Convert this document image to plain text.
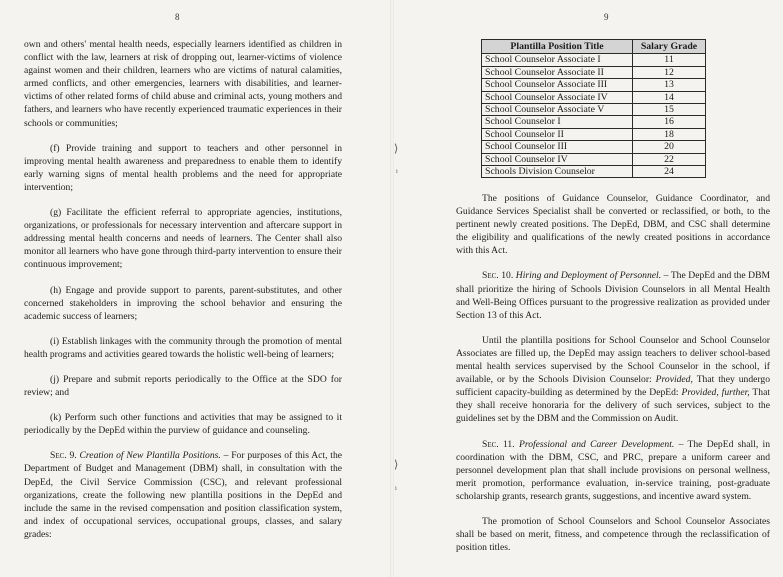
8

own and others' mental health needs, especially learners identified as children in conflict with the law, learners at risk of dropping out, learner-victims of violence against women and their children, learners who are victims of natural calamities, armed conflicts, and other emergencies, learners with disabilities, and learner-victims of other related forms of child abuse and criminal acts, young mothers and fathers, and learners who have recently experienced traumatic experiences in their schools or communities;

(f) Provide training and support to teachers and other personnel in improving mental health awareness and preparedness to enable them to identify early warning signs of mental health problems and the need for appropriate intervention;

(g) Facilitate the efficient referral to appropriate agencies, institutions, organizations, or professionals for necessary intervention and aftercare support in addressing mental health concerns and needs of learners. The Center shall also monitor all learners who have gone through third-party intervention to ensure their continuous improvement;

(h) Engage and provide support to parents, parent-substitutes, and other concerned stakeholders in improving the school behavior and ensuring the academic success of learners;

(i) Establish linkages with the community through the promotion of mental health programs and activities geared towards the holistic well-being of learners;

(j) Prepare and submit reports periodically to the Office at the SDO for review; and

(k) Perform such other functions and activities that may be assigned to it periodically by the DepEd within the purview of guidance and counseling.

Sec. 9. Creation of New Plantilla Positions. – For purposes of this Act, the Department of Budget and Management (DBM) shall, in consultation with the DepEd, the Civil Service Commission (CSC), and relevant professional organizations, create the following new plantilla positions in the DepEd and include the same in the revised compensation and position classification system, and index of occupational services, occupational groups, classes, and salary grades:

⟩
ᵢ
⟩
ᵢ
9
Plantilla Position Title	Salary Grade
School Counselor Associate I	11
School Counselor Associate II	12
School Counselor Associate III	13
School Counselor Associate IV	14
School Counselor Associate V	15
School Counselor I	16
School Counselor II	18
School Counselor III	20
School Counselor IV	22
Schools Division Counselor	24

The positions of Guidance Counselor, Guidance Coordinator, and Guidance Services Specialist shall be converted or reclassified, or both, to the pertinent newly created positions. The DepEd, DBM, and CSC shall determine the eligibility and qualifications of the newly created positions in accordance with this Act.

Sec. 10. Hiring and Deployment of Personnel. – The DepEd and the DBM shall prioritize the hiring of Schools Division Counselors in all Mental Health and Well-Being Offices pursuant to the progressive realization as provided under Section 13 of this Act.

Until the plantilla positions for School Counselor and School Counselor Associates are filled up, the DepEd may assign teachers to deliver school-based mental health services supervised by the School Counselor in the school, if available, or by the Schools Division Counselor: Provided, That they undergo sufficient capacity-building as determined by the DepEd: Provided, further, That they shall receive honoraria for the delivery of such services, subject to the guidelines set by the DBM and the Commission on Audit.

Sec. 11. Professional and Career Development. – The DepEd shall, in coordination with the DBM, CSC, and PRC, prepare a uniform career and personnel development plan that shall include provisions on personal wellness, merit promotion, performance evaluation, in-service training, post-graduate scholarship grants, research grants, suggestions, and incentive award system.

The promotion of School Counselors and School Counselor Associates shall be based on merit, fitness, and competence through the reclassification of position titles.
